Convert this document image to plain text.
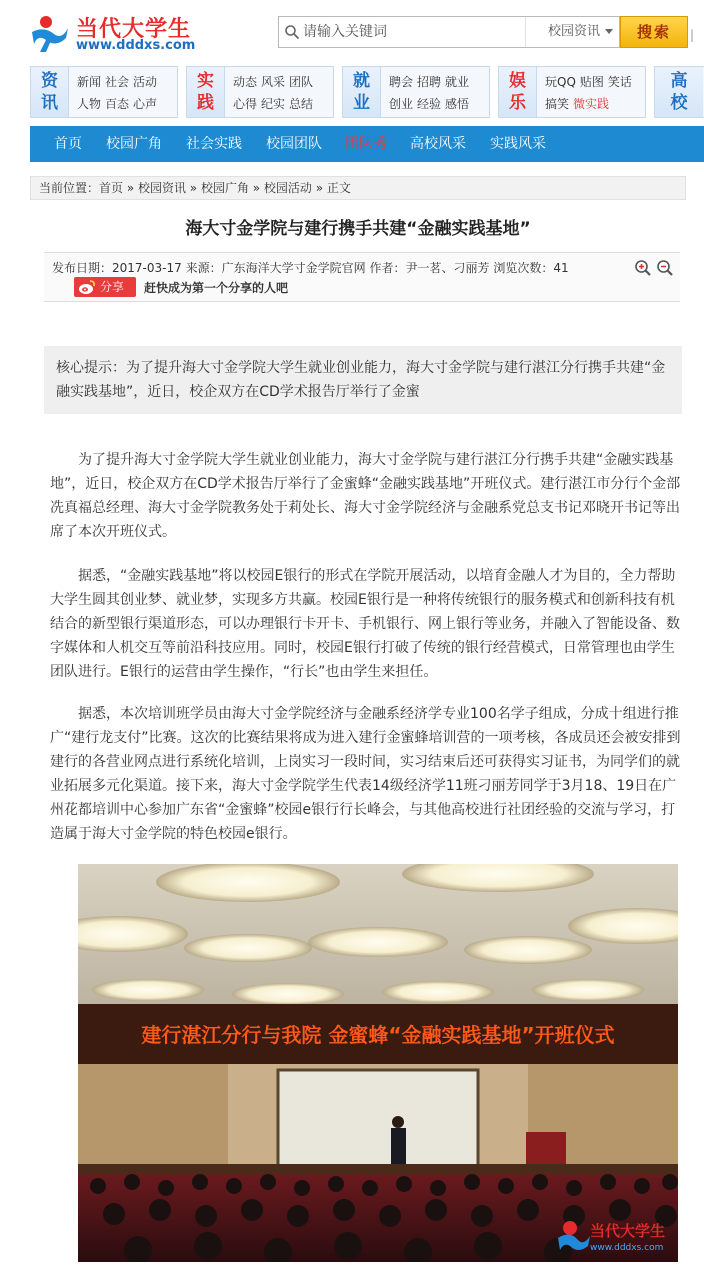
当代大学生
www.dddxs.com
请输入关键词
校园资讯	搜索	|
资讯
新闻 社会 活动
人物 百态 心声
实践
动态 风采 团队
心得 纪实 总结
就业
聘会 招聘 就业
创业 经验 感悟
娱乐
玩QQ 贴图 笑话
搞笑 微实践
高校
首页	校园广角	社会实践	校园团队	团队秀	高校风采	实践风采
当前位置：首页 » 校园资讯 » 校园广角 » 校园活动 » 正文
海大寸金学院与建行携手共建“金融实践基地”
发布日期：2017-03-17 来源：广东海洋大学寸金学院官网 作者：尹一茗、刁丽芳 浏览次数：41
分享	赶快成为第一个分享的人吧
核心提示：为了提升海大寸金学院大学生就业创业能力，海大寸金学院与建行湛江分行携手共建“金融实践基地”，近日，校企双方在CD学术报告厅举行了金蜜

为了提升海大寸金学院大学生就业创业能力，海大寸金学院与建行湛江分行携手共建“金融实践基地”，近日，校企双方在CD学术报告厅举行了金蜜蜂“金融实践基地”开班仪式。建行湛江市分行个金部冼真福总经理、海大寸金学院教务处于莉处长、海大寸金学院经济与金融系党总支书记邓晓开书记等出席了本次开班仪式。

据悉，“金融实践基地”将以校园E银行的形式在学院开展活动，以培育金融人才为目的，全力帮助大学生圆其创业梦、就业梦，实现多方共赢。校园E银行是一种将传统银行的服务模式和创新科技有机结合的新型银行渠道形态，可以办理银行卡开卡、手机银行、网上银行等业务，并融入了智能设备、数字媒体和人机交互等前沿科技应用。同时，校园E银行打破了传统的银行经营模式，日常管理也由学生团队进行。E银行的运营由学生操作，“行长”也由学生来担任。

据悉，本次培训班学员由海大寸金学院经济与金融系经济学专业100名学子组成，分成十组进行推广“建行龙支付”比赛。这次的比赛结果将成为进入建行金蜜蜂培训营的一项考核，各成员还会被安排到建行的各营业网点进行系统化培训，上岗实习一段时间，实习结束后还可获得实习证书，为同学们的就业拓展多元化渠道。接下来，海大寸金学院学生代表14级经济学11班刁丽芳同学于3月18、19日在广州花都培训中心参加广东省“金蜜蜂”校园e银行行长峰会，与其他高校进行社团经验的交流与学习，打造属于海大寸金学院的特色校园e银行。

建行湛江分行与我院 金蜜蜂“金融实践基地”开班仪式
当代大学生
www.dddxs.com
